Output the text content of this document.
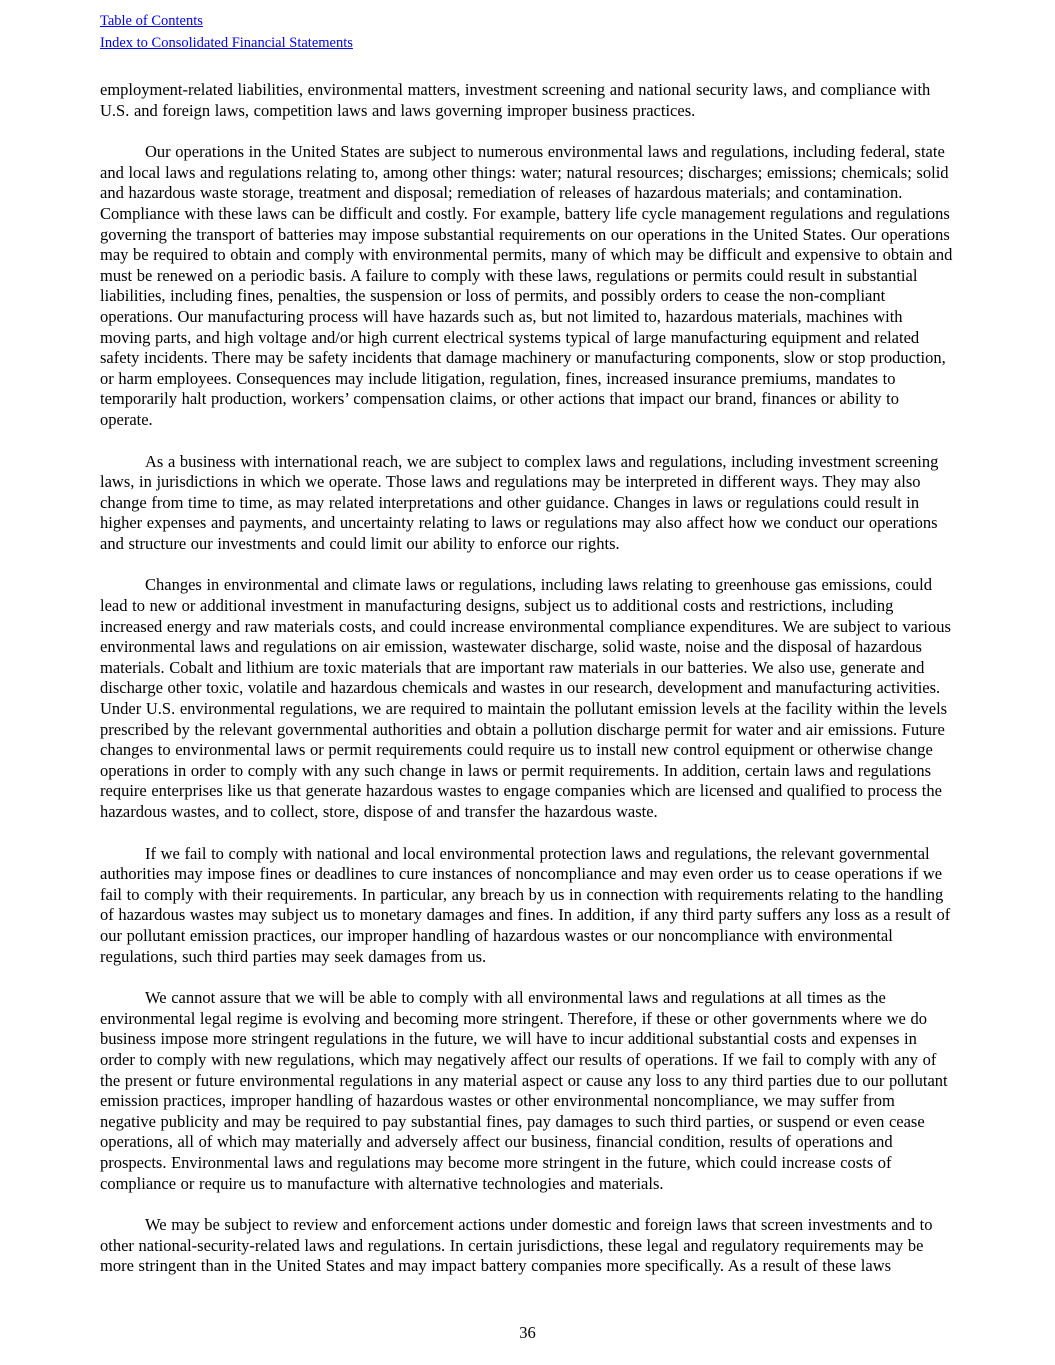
Table of Contents
Index to Consolidated Financial Statements

employment-related liabilities, environmental matters, investment screening and national security laws, and compliance with U.S. and foreign laws, competition laws and laws governing improper business practices.

Our operations in the United States are subject to numerous environmental laws and regulations, including federal, state and local laws and regulations relating to, among other things: water; natural resources; discharges; emissions; chemicals; solid and hazardous waste storage, treatment and disposal; remediation of releases of hazardous materials; and contamination. Compliance with these laws can be difficult and costly. For example, battery life cycle management regulations and regulations governing the transport of batteries may impose substantial requirements on our operations in the United States. Our operations may be required to obtain and comply with environmental permits, many of which may be difficult and expensive to obtain and must be renewed on a periodic basis. A failure to comply with these laws, regulations or permits could result in substantial liabilities, including fines, penalties, the suspension or loss of permits, and possibly orders to cease the non-compliant operations. Our manufacturing process will have hazards such as, but not limited to, hazardous materials, machines with moving parts, and high voltage and/or high current electrical systems typical of large manufacturing equipment and related safety incidents. There may be safety incidents that damage machinery or manufacturing components, slow or stop production, or harm employees. Consequences may include litigation, regulation, fines, increased insurance premiums, mandates to temporarily halt production, workers’ compensation claims, or other actions that impact our brand, finances or ability to operate.

As a business with international reach, we are subject to complex laws and regulations, including investment screening laws, in jurisdictions in which we operate. Those laws and regulations may be interpreted in different ways. They may also change from time to time, as may related interpretations and other guidance. Changes in laws or regulations could result in higher expenses and payments, and uncertainty relating to laws or regulations may also affect how we conduct our operations and structure our investments and could limit our ability to enforce our rights.

Changes in environmental and climate laws or regulations, including laws relating to greenhouse gas emissions, could lead to new or additional investment in manufacturing designs, subject us to additional costs and restrictions, including increased energy and raw materials costs, and could increase environmental compliance expenditures. We are subject to various environmental laws and regulations on air emission, wastewater discharge, solid waste, noise and the disposal of hazardous materials. Cobalt and lithium are toxic materials that are important raw materials in our batteries. We also use, generate and discharge other toxic, volatile and hazardous chemicals and wastes in our research, development and manufacturing activities. Under U.S. environmental regulations, we are required to maintain the pollutant emission levels at the facility within the levels prescribed by the relevant governmental authorities and obtain a pollution discharge permit for water and air emissions. Future changes to environmental laws or permit requirements could require us to install new control equipment or otherwise change operations in order to comply with any such change in laws or permit requirements. In addition, certain laws and regulations require enterprises like us that generate hazardous wastes to engage companies which are licensed and qualified to process the hazardous wastes, and to collect, store, dispose of and transfer the hazardous waste.

If we fail to comply with national and local environmental protection laws and regulations, the relevant governmental authorities may impose fines or deadlines to cure instances of noncompliance and may even order us to cease operations if we fail to comply with their requirements. In particular, any breach by us in connection with requirements relating to the handling of hazardous wastes may subject us to monetary damages and fines. In addition, if any third party suffers any loss as a result of our pollutant emission practices, our improper handling of hazardous wastes or our noncompliance with environmental regulations, such third parties may seek damages from us.

We cannot assure that we will be able to comply with all environmental laws and regulations at all times as the environmental legal regime is evolving and becoming more stringent. Therefore, if these or other governments where we do business impose more stringent regulations in the future, we will have to incur additional substantial costs and expenses in order to comply with new regulations, which may negatively affect our results of operations. If we fail to comply with any of the present or future environmental regulations in any material aspect or cause any loss to any third parties due to our pollutant emission practices, improper handling of hazardous wastes or other environmental noncompliance, we may suffer from negative publicity and may be required to pay substantial fines, pay damages to such third parties, or suspend or even cease operations, all of which may materially and adversely affect our business, financial condition, results of operations and prospects. Environmental laws and regulations may become more stringent in the future, which could increase costs of compliance or require us to manufacture with alternative technologies and materials.

We may be subject to review and enforcement actions under domestic and foreign laws that screen investments and to other national-security-related laws and regulations. In certain jurisdictions, these legal and regulatory requirements may be more stringent than in the United States and may impact battery companies more specifically. As a result of these laws

36
